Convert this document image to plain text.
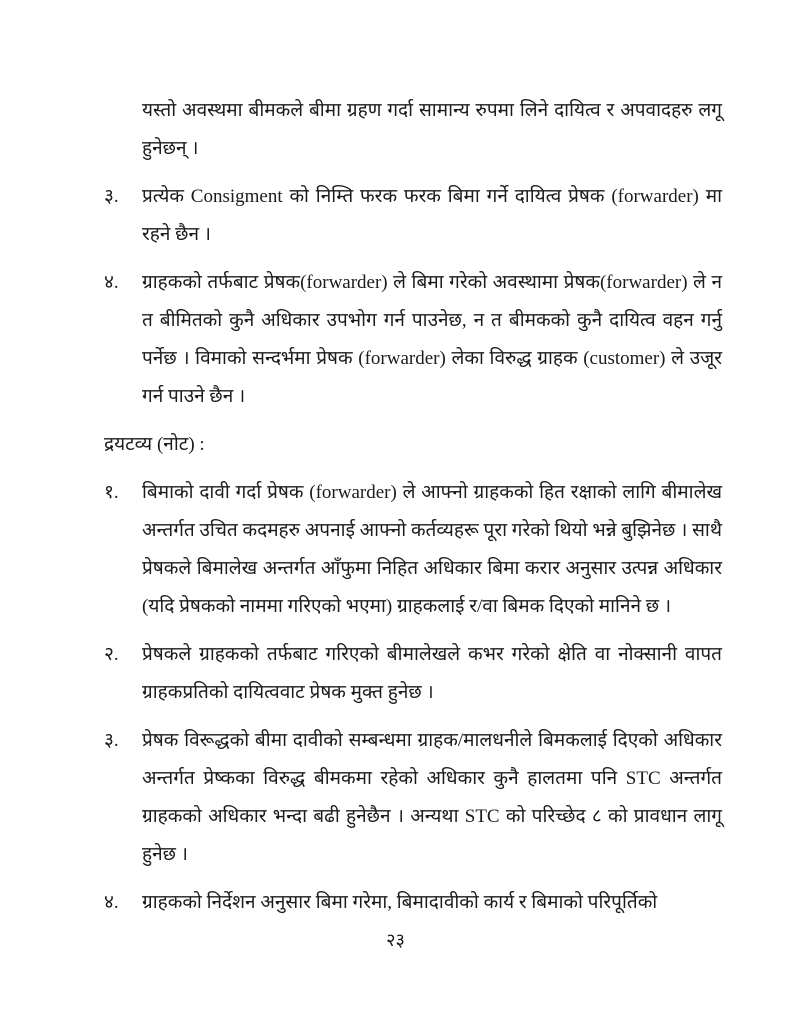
यस्तो अवस्थमा बीमकले बीमा ग्रहण गर्दा सामान्य रुपमा लिने दायित्व र अपवादहरु लगू हुनेछन् ।

३.	प्रत्येक Consigment को निम्ति फरक फरक बिमा गर्ने दायित्व प्रेषक (forwarder) मा रहने छैन ।

४.	ग्राहकको तर्फबाट प्रेषक(forwarder) ले बिमा गरेको अवस्थामा प्रेषक(forwarder) ले न त बीमितको कुनै अधिकार उपभोग गर्न पाउनेछ, न त बीमकको कुनै दायित्व वहन गर्नु पर्नेछ । विमाको सन्दर्भमा प्रेषक (forwarder) लेका विरुद्ध ग्राहक (customer) ले उजूर गर्न पाउने छैन ।

द्रयटव्य (नोट) :

१.	बिमाको दावी गर्दा प्रेषक (forwarder) ले आफ्नो ग्राहकको हित रक्षाको लागि बीमालेख अन्तर्गत उचित कदमहरु अपनाई आफ्नो कर्तव्यहरू पूरा गरेको थियो भन्ने बुझिनेछ । साथै प्रेषकले बिमालेख अन्तर्गत आँफुमा निहित अधिकार बिमा करार अनुसार उत्पन्न अधिकार (यदि प्रेषकको नाममा गरिएको भएमा) ग्राहकलाई र/वा बिमक दिएको मानिने छ ।

२.	प्रेषकले ग्राहकको तर्फबाट गरिएको बीमालेखले कभर गरेको क्षेति वा नोक्सानी वापत ग्राहकप्रतिको दायित्ववाट प्रेषक मुक्त हुनेछ ।

३.	प्रेषक विरूद्धको बीमा दावीको सम्बन्धमा ग्राहक/मालधनीले बिमकलाई दिएको अधिकार अन्तर्गत प्रेष्कका विरुद्ध बीमकमा रहेको अधिकार कुनै हालतमा पनि STC अन्तर्गत ग्राहकको अधिकार भन्दा बढी हुनेछैन । अन्यथा STC को परिच्छेद ८ को प्रावधान लागू हुनेछ ।

४.	ग्राहकको निर्देशन अनुसार बिमा गरेमा, बिमादावीको कार्य र बिमाको परिपूर्तिको

२३
